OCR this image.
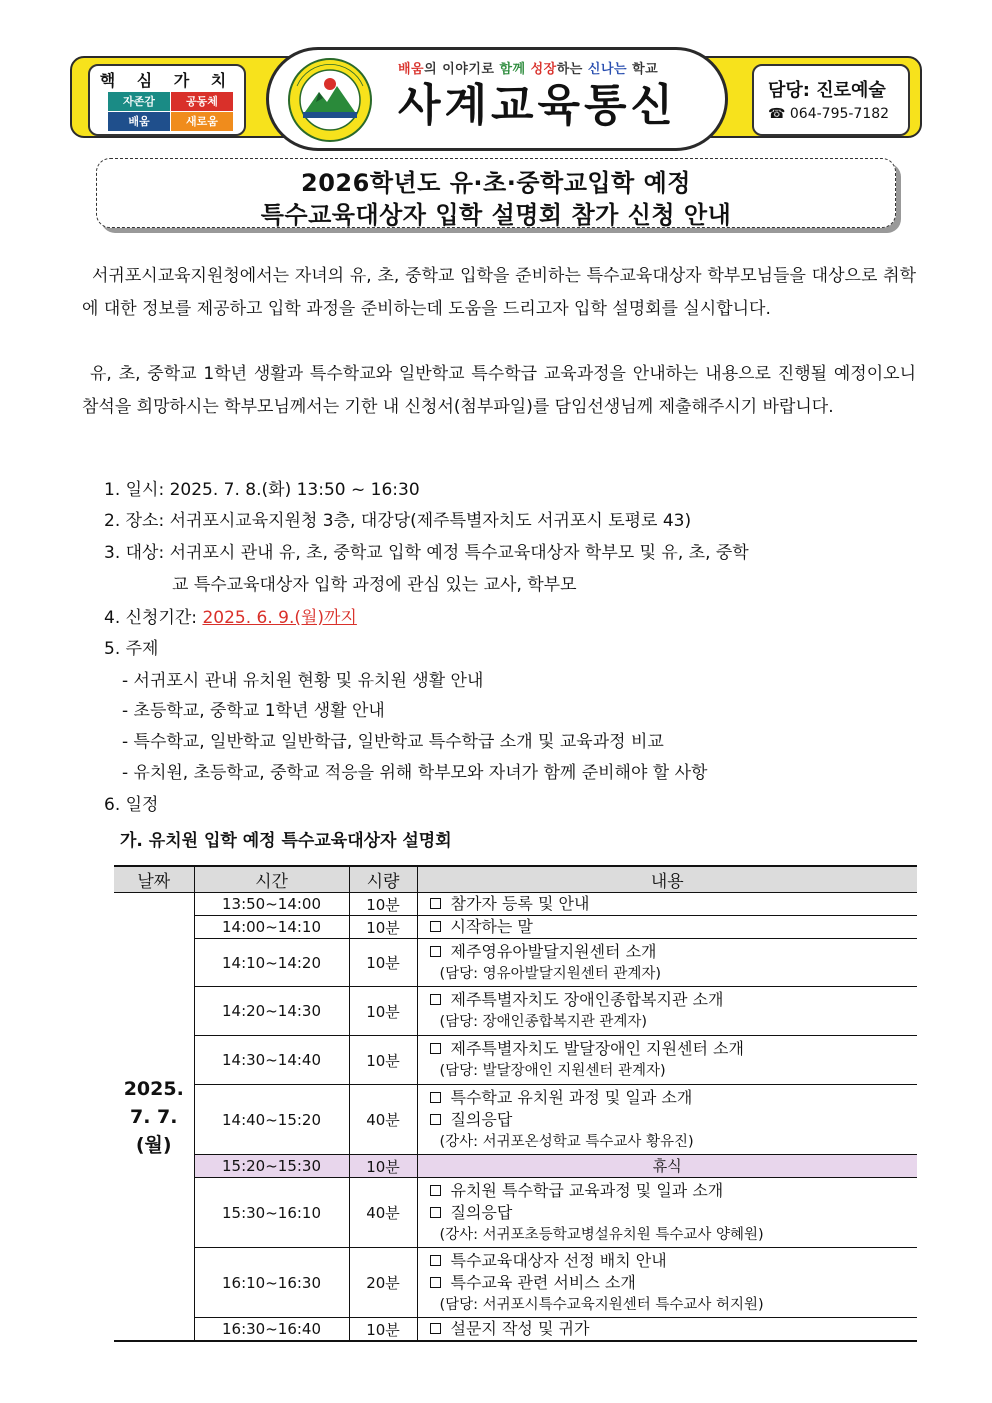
핵 심 가 치
자존감	공동체
배움	새로움
배움의 이야기로 함께 성장하는 신나는 학교
사계교육통신	담당: 진로예술
☎ 064-795-7182
2026학년도 유·초·중학교입학 예정
특수교육대상자 입학 설명회 참가 신청 안내
서귀포시교육지원청에서는 자녀의 유, 초, 중학교 입학을 준비하는 특수교육대상자 학부모님들을 대상으로 취학에 대한 정보를 제공하고 입학 과정을 준비하는데 도움을 드리고자 입학 설명회를 실시합니다.
유, 초, 중학교 1학년 생활과 특수학교와 일반학교 특수학급 교육과정을 안내하는 내용으로 진행될 예정이오니 참석을 희망하시는 학부모님께서는 기한 내 신청서(첨부파일)를 담임선생님께 제출해주시기 바랍니다.
1. 일시: 2025. 7. 8.(화) 13:50 ~ 16:30
2. 장소: 서귀포시교육지원청 3층, 대강당(제주특별자치도 서귀포시 토평로 43)
3. 대상: 서귀포시 관내 유, 초, 중학교 입학 예정 특수교육대상자 학부모 및 유, 초, 중학
교 특수교육대상자 입학 과정에 관심 있는 교사, 학부모
4. 신청기간: 2025. 6. 9.(월)까지
5. 주제
- 서귀포시 관내 유치원 현황 및 유치원 생활 안내
- 초등학교, 중학교 1학년 생활 안내
- 특수학교, 일반학교 일반학급, 일반학교 특수학급 소개 및 교육과정 비교
- 유치원, 초등학교, 중학교 적응을 위해 학부모와 자녀가 함께 준비해야 할 사항
6. 일정
가. 유치원 입학 예정 특수교육대상자 설명회
날짜	시간	시량	내용

2025.
7. 7.
(월)	13:50~14:00	10분	참가자 등록 및 안내

	14:00~14:10	10분	시작하는 말

	14:10~14:20	10분	제주영유아발달지원센터 소개
(담당: 영유아발달지원센터 관계자)

	14:20~14:30	10분	제주특별자치도 장애인종합복지관 소개
(담당: 장애인종합복지관 관계자)

	14:30~14:40	10분	제주특별자치도 발달장애인 지원센터 소개
(담당: 발달장애인 지원센터 관계자)

	14:40~15:20	40분	특수학교 유치원 과정 및 일과 소개
질의응답
(강사: 서귀포온성학교 특수교사 황유진)

	15:20~15:30	10분	휴식
	15:30~16:10	40분	유치원 특수학급 교육과정 및 일과 소개
질의응답
(강사: 서귀포초등학교병설유치원 특수교사 양혜원)

	16:10~16:30	20분	특수교육대상자 선정 배치 안내
특수교육 관련 서비스 소개
(담당: 서귀포시특수교육지원센터 특수교사 허지원)

	16:30~16:40	10분	설문지 작성 및 귀가
